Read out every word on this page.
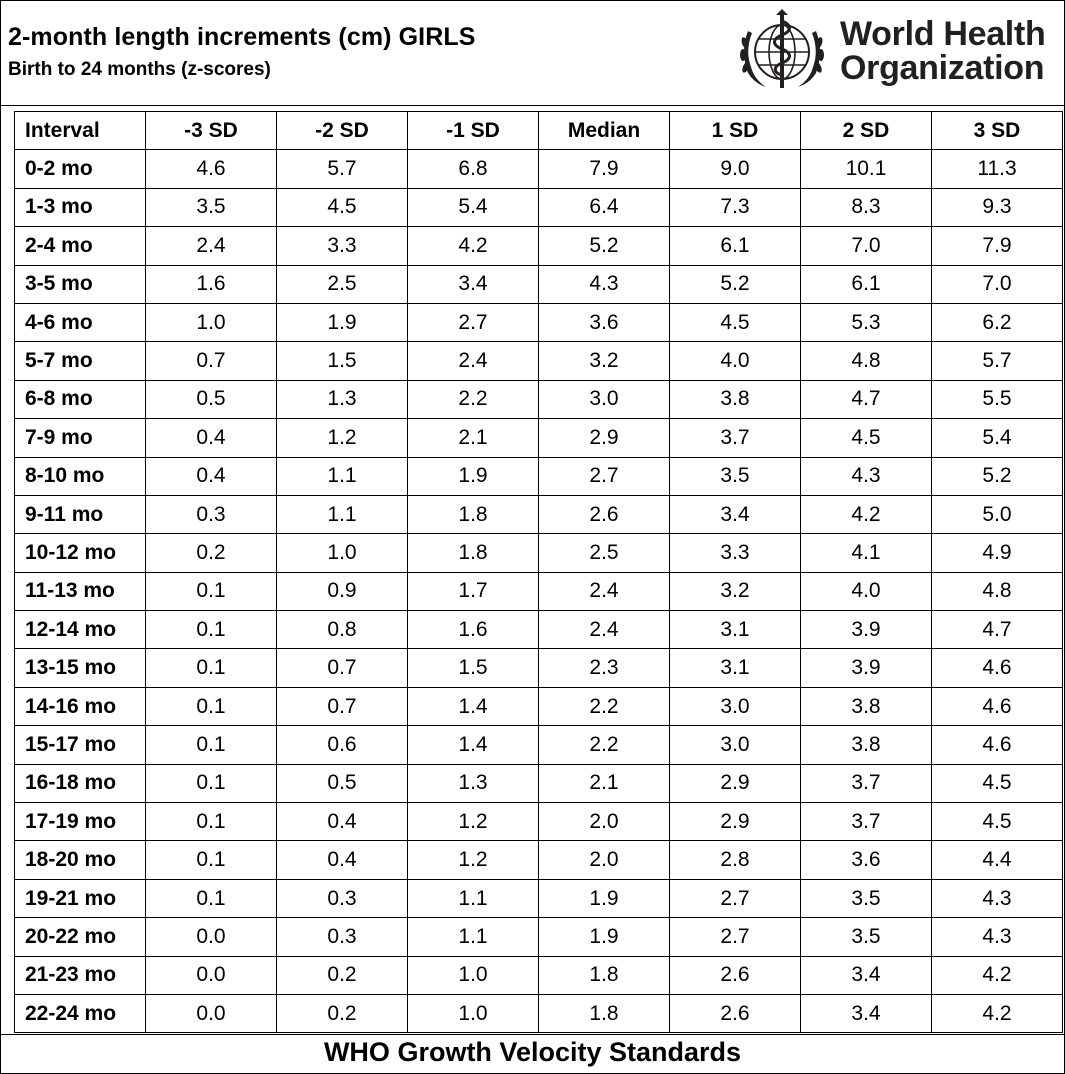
2-month length increments (cm) GIRLS
Birth to 24 months (z-scores)
World Health
Organization
Interval	-3 SD	-2 SD	-1 SD	Median	1 SD	2 SD	3 SD
0-2 mo	4.6	5.7	6.8	7.9	9.0	10.1	11.3
1-3 mo	3.5	4.5	5.4	6.4	7.3	8.3	9.3
2-4 mo	2.4	3.3	4.2	5.2	6.1	7.0	7.9
3-5 mo	1.6	2.5	3.4	4.3	5.2	6.1	7.0
4-6 mo	1.0	1.9	2.7	3.6	4.5	5.3	6.2
5-7 mo	0.7	1.5	2.4	3.2	4.0	4.8	5.7
6-8 mo	0.5	1.3	2.2	3.0	3.8	4.7	5.5
7-9 mo	0.4	1.2	2.1	2.9	3.7	4.5	5.4
8-10 mo	0.4	1.1	1.9	2.7	3.5	4.3	5.2
9-11 mo	0.3	1.1	1.8	2.6	3.4	4.2	5.0
10-12 mo	0.2	1.0	1.8	2.5	3.3	4.1	4.9
11-13 mo	0.1	0.9	1.7	2.4	3.2	4.0	4.8
12-14 mo	0.1	0.8	1.6	2.4	3.1	3.9	4.7
13-15 mo	0.1	0.7	1.5	2.3	3.1	3.9	4.6
14-16 mo	0.1	0.7	1.4	2.2	3.0	3.8	4.6
15-17 mo	0.1	0.6	1.4	2.2	3.0	3.8	4.6
16-18 mo	0.1	0.5	1.3	2.1	2.9	3.7	4.5
17-19 mo	0.1	0.4	1.2	2.0	2.9	3.7	4.5
18-20 mo	0.1	0.4	1.2	2.0	2.8	3.6	4.4
19-21 mo	0.1	0.3	1.1	1.9	2.7	3.5	4.3
20-22 mo	0.0	0.3	1.1	1.9	2.7	3.5	4.3
21-23 mo	0.0	0.2	1.0	1.8	2.6	3.4	4.2
22-24 mo	0.0	0.2	1.0	1.8	2.6	3.4	4.2
WHO Growth Velocity Standards
